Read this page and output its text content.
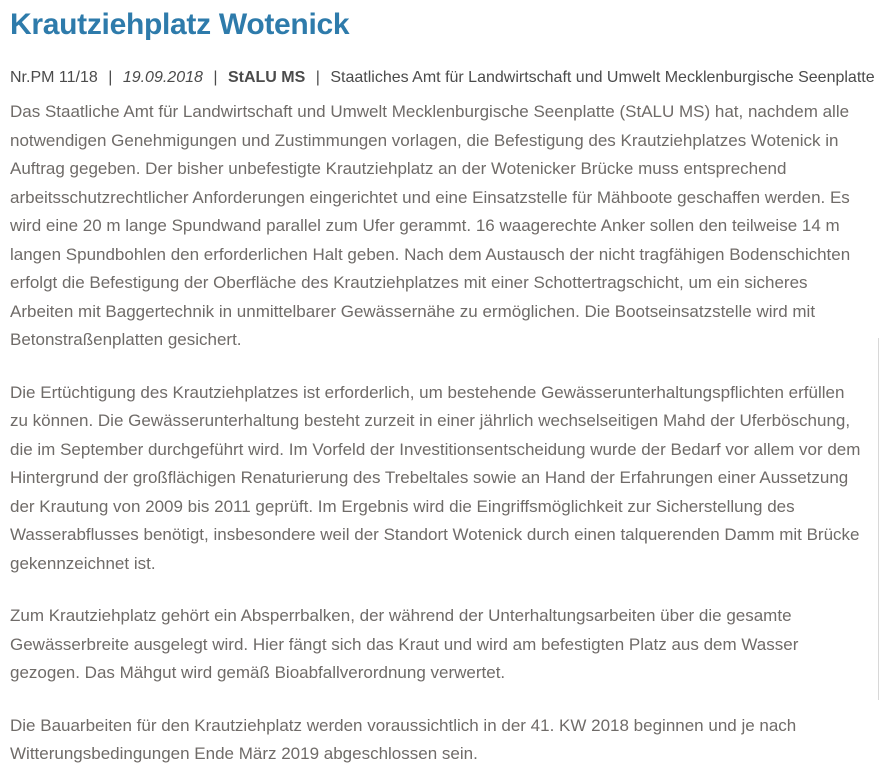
Krautziehplatz Wotenick
Nr.PM 11/18 | 19.09.2018 | StALU MS | Staatliches Amt für Landwirtschaft und Umwelt Mecklenburgische Seenplatte

Das Staatliche Amt für Landwirtschaft und Umwelt Mecklenburgische Seenplatte (StALU MS) hat, nachdem alle notwendigen Genehmigungen und Zustimmungen vorlagen, die Befestigung des Krautziehplatzes Wotenick in Auftrag gegeben. Der bisher unbefestigte Krautziehplatz an der Wotenicker Brücke muss entsprechend arbeitsschutzrechtlicher Anforderungen eingerichtet und eine Einsatzstelle für Mähboote geschaffen werden. Es wird eine 20 m lange Spundwand parallel zum Ufer gerammt. 16 waagerechte Anker sollen den teilweise 14 m langen Spundbohlen den erforderlichen Halt geben. Nach dem Austausch der nicht tragfähigen Bodenschichten erfolgt die Befestigung der Oberfläche des Krautziehplatzes mit einer Schottertragschicht, um ein sicheres Arbeiten mit Baggertechnik in unmittelbarer Gewässernähe zu ermöglichen. Die Bootseinsatzstelle wird mit Betonstraßenplatten gesichert.

Die Ertüchtigung des Krautziehplatzes ist erforderlich, um bestehende Gewässerunterhaltungspflichten erfüllen zu können. Die Gewässerunterhaltung besteht zurzeit in einer jährlich wechselseitigen Mahd der Uferböschung, die im September durchgeführt wird. Im Vorfeld der Investitionsentscheidung wurde der Bedarf vor allem vor dem Hintergrund der großflächigen Renaturierung des Trebeltales sowie an Hand der Erfahrungen einer Aussetzung der Krautung von 2009 bis 2011 geprüft. Im Ergebnis wird die Eingriffsmöglichkeit zur Sicherstellung des Wasserabflusses benötigt, insbesondere weil der Standort Wotenick durch einen talquerenden Damm mit Brücke gekennzeichnet ist.

Zum Krautziehplatz gehört ein Absperrbalken, der während der Unterhaltungsarbeiten über die gesamte Gewässerbreite ausgelegt wird. Hier fängt sich das Kraut und wird am befestigten Platz aus dem Wasser gezogen. Das Mähgut wird gemäß Bioabfallverordnung verwertet.

Die Bauarbeiten für den Krautziehplatz werden voraussichtlich in der 41. KW 2018 beginnen und je nach Witterungsbedingungen Ende März 2019 abgeschlossen sein.
